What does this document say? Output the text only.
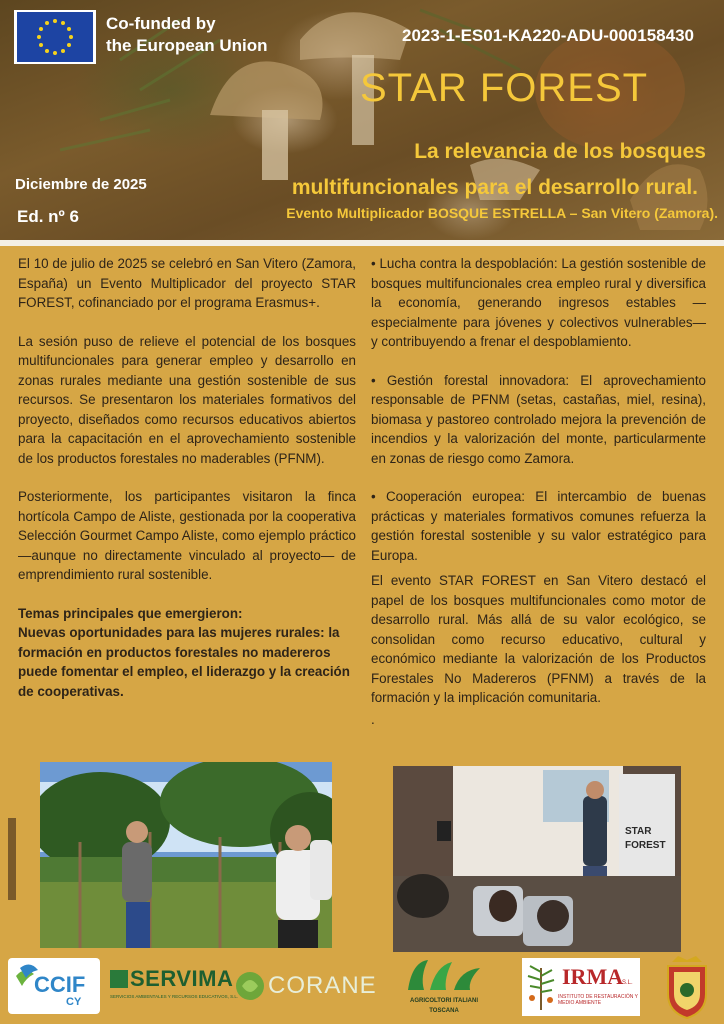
Co-funded by
the European Union
2023-1-ES01-KA220-ADU-000158430
STAR FOREST
La relevancia de los bosques
multifuncionales para el desarrollo rural.
Evento Multiplicador BOSQUE ESTRELLA – San Vitero (Zamora).
Diciembre de 2025
Ed. nº 6

El 10 de julio de 2025 se celebró en San Vitero (Zamora, España) un Evento Multiplicador del proyecto STAR FOREST, cofinanciado por el programa Erasmus+.

La sesión puso de relieve el potencial de los bosques multifuncionales para generar empleo y desarrollo en zonas rurales mediante una gestión sostenible de sus recursos. Se presentaron los materiales formativos del proyecto, diseñados como recursos educativos abiertos para la capacitación en el aprovechamiento sostenible de los productos forestales no maderables (PFNM).

Posteriormente, los participantes visitaron la finca hortícola Campo de Aliste, gestionada por la cooperativa Selección Gourmet Campo Aliste, como ejemplo práctico —aunque no directamente vinculado al proyecto— de emprendimiento rural sostenible.

Temas principales que emergieron:
Nuevas oportunidades para las mujeres rurales: la formación en productos forestales no madereros puede fomentar el empleo, el liderazgo y la creación de cooperativas.

• Lucha contra la despoblación: La gestión sostenible de bosques multifuncionales crea empleo rural y diversifica la economía, generando ingresos estables —especialmente para jóvenes y colectivos vulnerables— y contribuyendo a frenar el despoblamiento.

• Gestión forestal innovadora: El aprovechamiento responsable de PFNM (setas, castañas, miel, resina), biomasa y pastoreo controlado mejora la prevención de incendios y la valorización del monte, particularmente en zonas de riesgo como Zamora.

• Cooperación europea: El intercambio de buenas prácticas y materiales formativos comunes refuerza la gestión forestal sostenible y su valor estratégico para Europa.

El evento STAR FOREST en San Vitero destacó el papel de los bosques multifuncionales como motor de desarrollo rural. Más allá de su valor ecológico, se consolidan como recurso educativo, cultural y económico mediante la valorización de los Productos Forestales No Madereros (PFNM) a través de la formación y la implicación comunitaria.

.
STAR
FOREST
CCIF
CY
SERVIMA
SERVICIOS AMBIENTALES Y RECURSOS EDUCATIVOS, S.L. CORANE
AGRICOLTORI ITALIANI
TOSCANA
IRMA
S.L.
INSTITUTO DE RESTAURACIÓN Y MEDIO AMBIENTE
